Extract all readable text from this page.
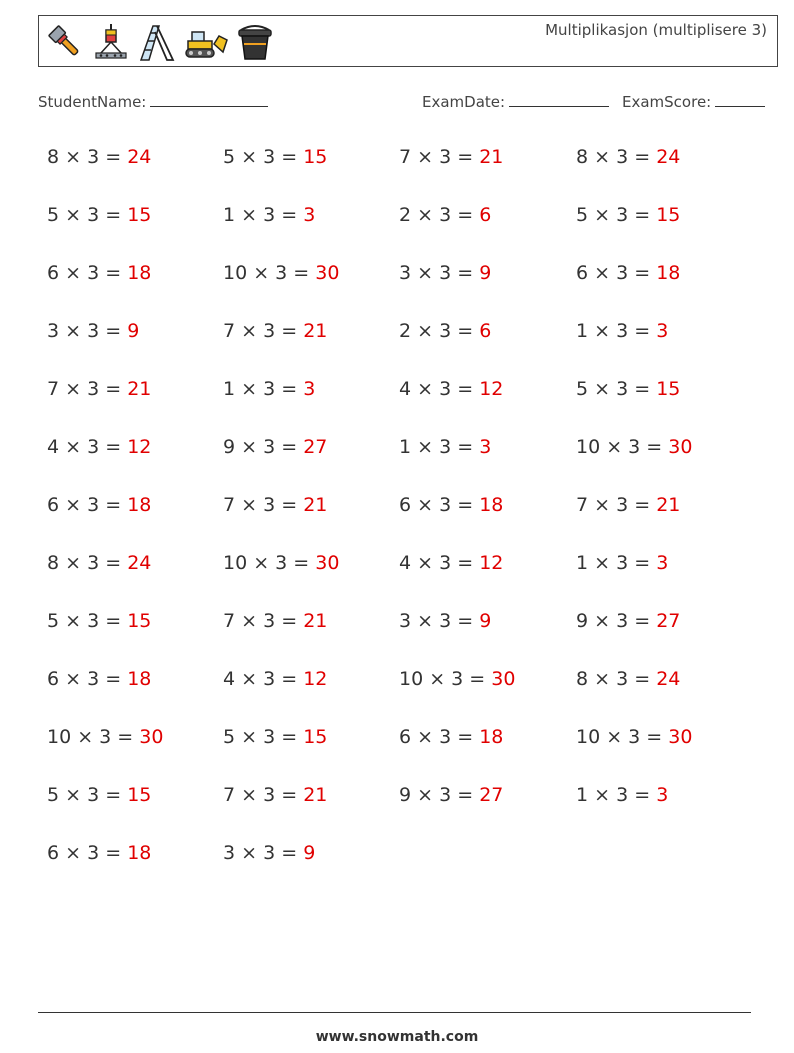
Multiplikasjon (multiplisere 3)
StudentName:	ExamDate:	ExamScore:
8 × 3 = 24	5 × 3 = 15	7 × 3 = 21	8 × 3 = 24
5 × 3 = 15	1 × 3 = 3	2 × 3 = 6	5 × 3 = 15
6 × 3 = 18	10 × 3 = 30	3 × 3 = 9	6 × 3 = 18
3 × 3 = 9	7 × 3 = 21	2 × 3 = 6	1 × 3 = 3
7 × 3 = 21	1 × 3 = 3	4 × 3 = 12	5 × 3 = 15
4 × 3 = 12	9 × 3 = 27	1 × 3 = 3	10 × 3 = 30
6 × 3 = 18	7 × 3 = 21	6 × 3 = 18	7 × 3 = 21
8 × 3 = 24	10 × 3 = 30	4 × 3 = 12	1 × 3 = 3
5 × 3 = 15	7 × 3 = 21	3 × 3 = 9	9 × 3 = 27
6 × 3 = 18	4 × 3 = 12	10 × 3 = 30	8 × 3 = 24
10 × 3 = 30	5 × 3 = 15	6 × 3 = 18	10 × 3 = 30
5 × 3 = 15	7 × 3 = 21	9 × 3 = 27	1 × 3 = 3
6 × 3 = 18	3 × 3 = 9
www.snowmath.com
